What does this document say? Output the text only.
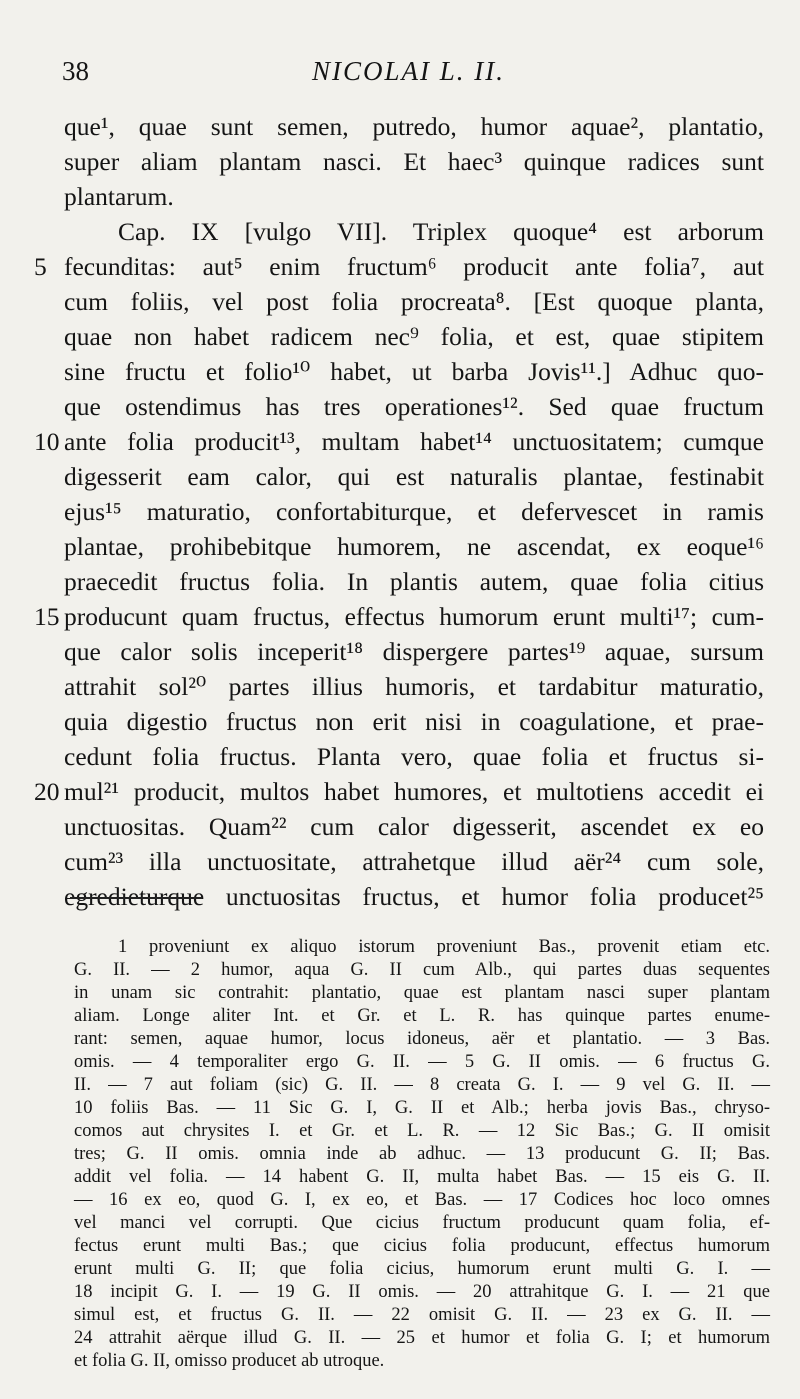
38	NICOLAI L. II.
que¹, quae sunt semen, putredo, humor aquae², plantatio,
super aliam plantam nasci. Et haec³ quinque radices sunt
plantarum.
Cap. IX [vulgo VII]. Triplex quoque⁴ est arborum
5 fecunditas: aut⁵ enim fructum⁶ producit ante folia⁷, aut
cum foliis, vel post folia procreata⁸. [Est quoque planta,
quae non habet radicem nec⁹ folia, et est, quae stipitem
sine fructu et folio¹⁰ habet, ut barba Jovis¹¹.] Adhuc quo-
que ostendimus has tres operationes¹². Sed quae fructum
10 ante folia producit¹³, multam habet¹⁴ unctuositatem; cumque
digesserit eam calor, qui est naturalis plantae, festinabit
ejus¹⁵ maturatio, confortabiturque, et defervescet in ramis
plantae, prohibebitque humorem, ne ascendat, ex eoque¹⁶
praecedit fructus folia. In plantis autem, quae folia citius
15 producunt quam fructus, effectus humorum erunt multi¹⁷; cum-
que calor solis inceperit¹⁸ dispergere partes¹⁹ aquae, sursum
attrahit sol²⁰ partes illius humoris, et tardabitur maturatio,
quia digestio fructus non erit nisi in coagulatione, et prae-
cedunt folia fructus. Planta vero, quae folia et fructus si-
20 mul²¹ producit, multos habet humores, et multotiens accedit ei
unctuositas. Quam²² cum calor digesserit, ascendet ex eo
cum²³ illa unctuositate, attrahetque illud aër²⁴ cum sole,
egredieturque unctuositas fructus, et humor folia producet²⁵
1 proveniunt ex aliquo istorum proveniunt Bas., provenit etiam etc.
G. II. — 2 humor, aqua G. II cum Alb., qui partes duas sequentes
in unam sic contrahit: plantatio, quae est plantam nasci super plantam
aliam. Longe aliter Int. et Gr. et L. R. has quinque partes enume-
rant: semen, aquae humor, locus idoneus, aër et plantatio. — 3 Bas.
omis. — 4 temporaliter ergo G. II. — 5 G. II omis. — 6 fructus G.
II. — 7 aut foliam (sic) G. II. — 8 creata G. I. — 9 vel G. II. —
10 foliis Bas. — 11 Sic G. I, G. II et Alb.; herba jovis Bas., chryso-
comos aut chrysites I. et Gr. et L. R. — 12 Sic Bas.; G. II omisit
tres; G. II omis. omnia inde ab adhuc. — 13 producunt G. II; Bas.
addit vel folia. — 14 habent G. II, multa habet Bas. — 15 eis G. II.
— 16 ex eo, quod G. I, ex eo, et Bas. — 17 Codices hoc loco omnes
vel manci vel corrupti. Que cicius fructum producunt quam folia, ef-
fectus erunt multi Bas.; que cicius folia producunt, effectus humorum
erunt multi G. II; que folia cicius, humorum erunt multi G. I. —
18 incipit G. I. — 19 G. II omis. — 20 attrahitque G. I. — 21 que
simul est, et fructus G. II. — 22 omisit G. II. — 23 ex G. II. —
24 attrahit aërque illud G. II. — 25 et humor et folia G. I; et humorum
et folia G. II, omisso producet ab utroque.
